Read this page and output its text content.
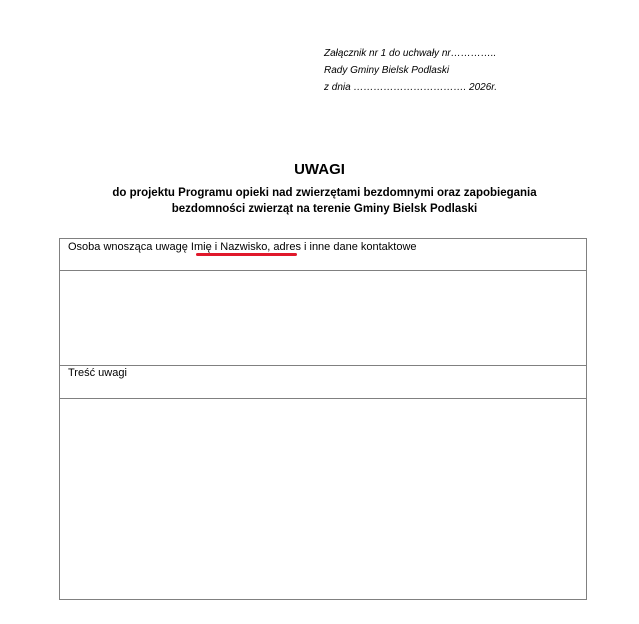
Załącznik nr 1 do uchwały nr…………..
Rady Gminy Bielsk Podlaski
z dnia ……………………………. 2026r.
UWAGI
do projektu Programu opieki nad zwierzętami bezdomnymi oraz zapobiegania
bezdomności zwierząt na terenie Gminy Bielsk Podlaski
Osoba wnosząca uwagę Imię i Nazwisko, adres i inne dane kontaktowe
Treść uwagi
